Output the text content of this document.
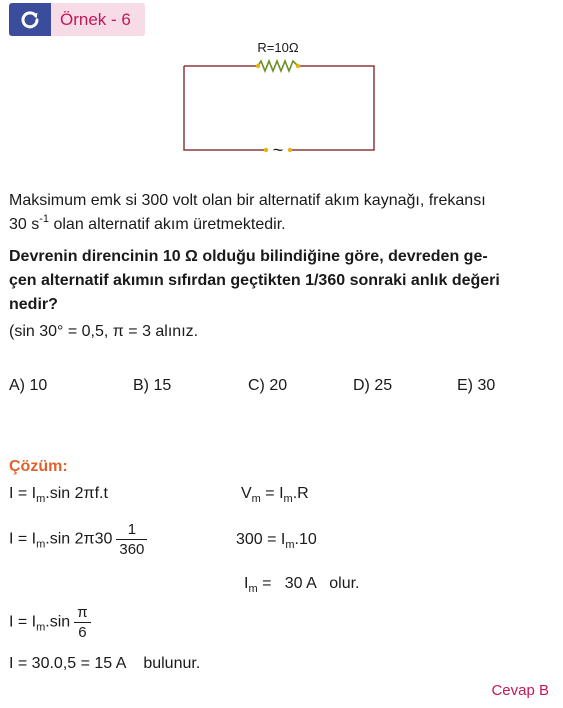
Örnek - 6
R=10Ω
~
Maksimum emk si 300 volt olan bir alternatif akım kaynağı, frekansı
30 $s^{-1}$ olan alternatif akım üretmektedir.
Devrenin direncinin 10 Ω olduğu bilindiğine göre, devreden ge-
çen alternatif akımın sıfırdan geçtikten 1/360 sonraki anlık değeri
nedir?
(sin 30° = 0,5, π = 3 alınız.
A) 10	B) 15	C) 20	D) 25	E) 30
Çözüm:
$I = I_m.\sin$ 2πf.t	$V_m = I_m.R$
$I = I_m.\sin$ $2\pi 30 \frac{1}{360}$	$300 = I_m.10$
$I_m = 30$ A   olur.
$I = I_m.\sin \frac{\pi}{6}$
I = 30.0,5 = 15 A    bulunur.
Cevap B
